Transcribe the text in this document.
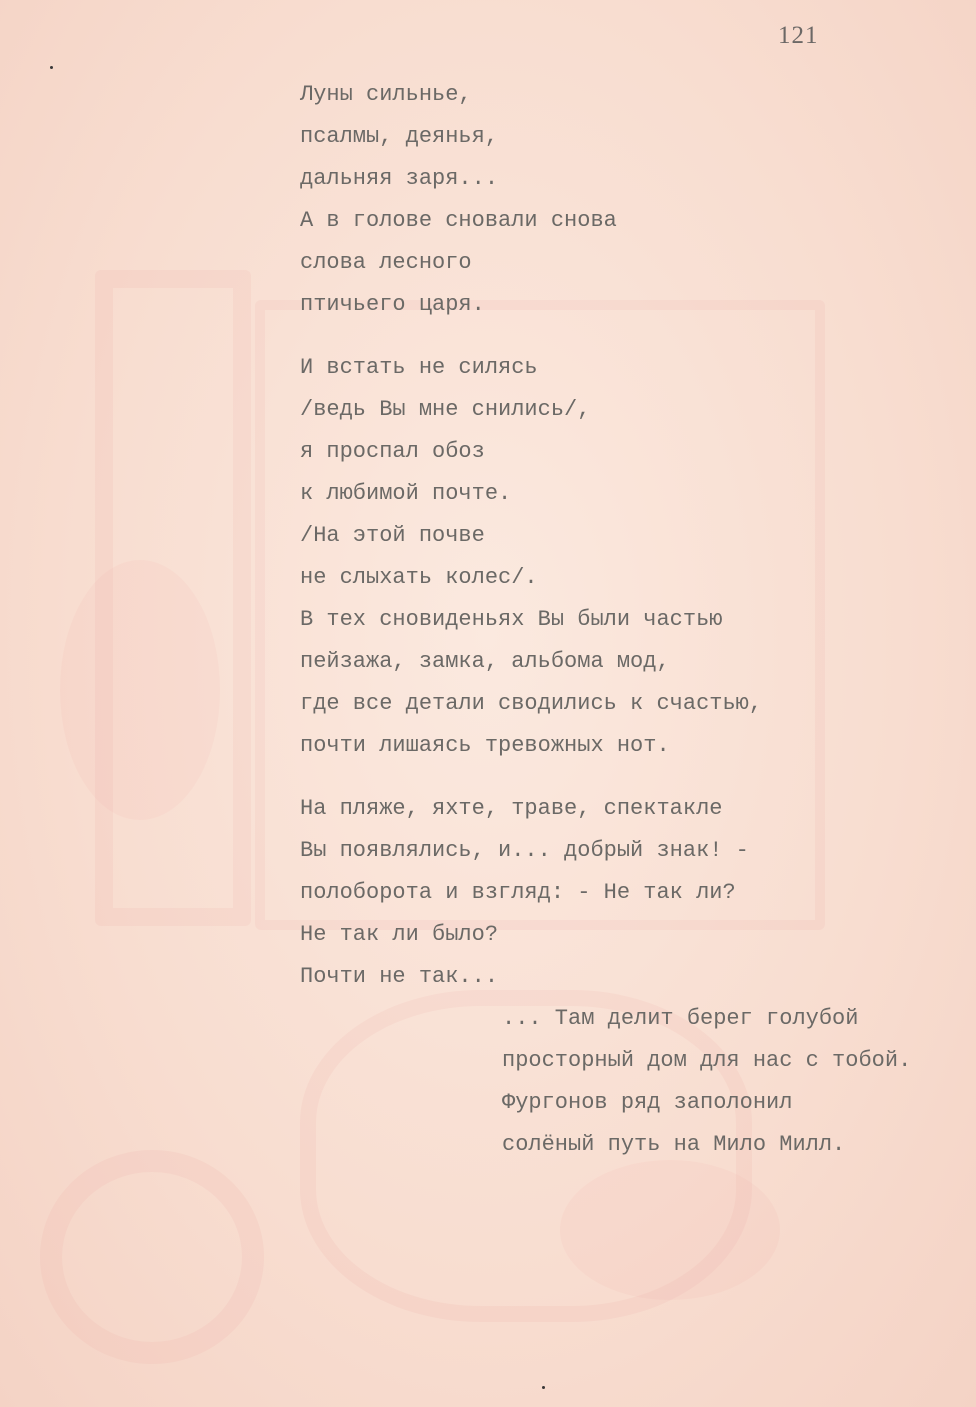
121
Луны сильнье,
псалмы, деянья,
дальняя заря...
А в голове сновали снова
слова лесного
птичьего царя.
И встать не силясь
/ведь Вы мне снились/,
я проспал обоз
к любимой почте.
/На этой почве
не слыхать колес/.
В тех сновиденьях Вы были частью
пейзажа, замка, альбома мод,
где все детали сводились к счастью,
почти лишаясь тревожных нот.
На пляже, яхте, траве, спектакле
Вы появлялись, и... добрый знак! -
полоборота и взгляд: - Не так ли?
Не так ли было?
Почти не так...
... Там делит берег голубой
просторный дом для нас с тобой.
Фургонов ряд заполонил
солёный путь на Мило Милл.
